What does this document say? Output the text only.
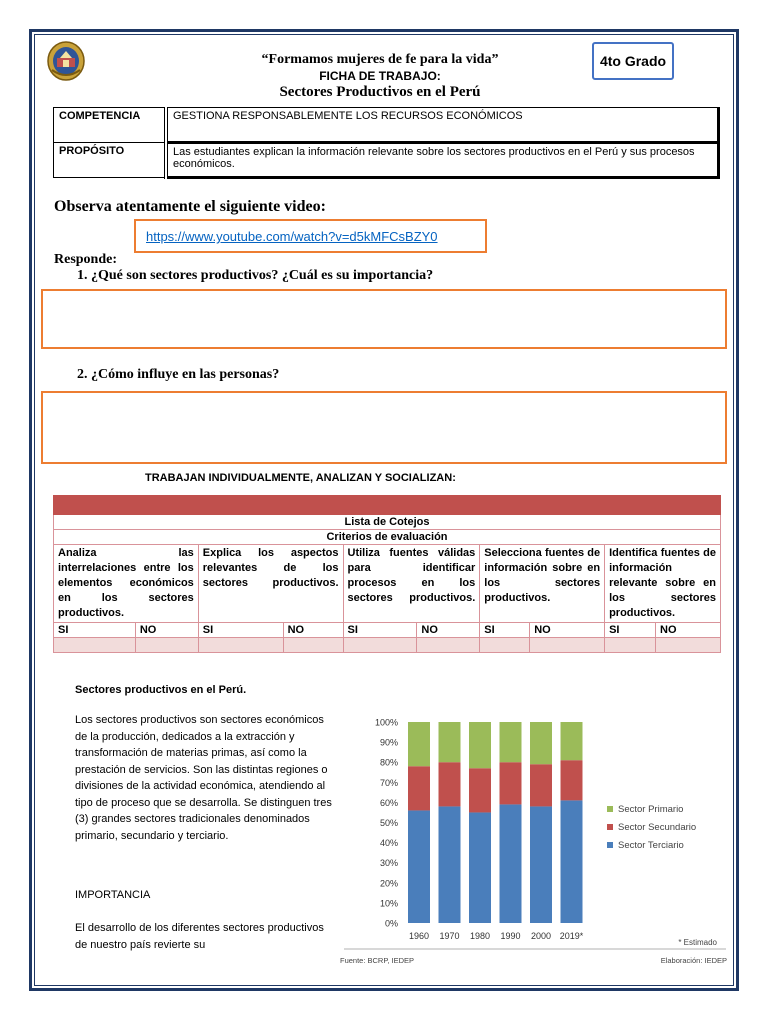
“Formamos mujeres de fe para la vida”
FICHA DE TRABAJO:
Sectores Productivos en el Perú
4to Grado
COMPETENCIA	GESTIONA RESPONSABLEMENTE LOS RECURSOS ECONÓMICOS
PROPÓSITO	Las estudiantes explican la información relevante sobre los sectores productivos en el Perú y sus procesos económicos.
Observa atentamente el siguiente video:
https://www.youtube.com/watch?v=d5kMFCsBZY0
Responde:
1. ¿Qué son sectores productivos? ¿Cuál es su importancia?
2. ¿Cómo influye en las personas?
TRABAJAN INDIVIDUALMENTE, ANALIZAN Y SOCIALIZAN:

Lista de Cotejos									
Criterios de evaluación									
Analiza las interrelaciones entre los elementos económicos en los sectores productivos.		Explica los aspectos relevantes de los sectores productivos.		Utiliza fuentes válidas para identificar procesos en los sectores productivos.		Selecciona fuentes de información sobre en los sectores productivos.		Identifica fuentes de información relevante sobre en los sectores productivos.	
SI	NO	SI	NO	SI	NO	SI	NO	SI	NO

Sectores productivos en el Perú.
Los sectores productivos son sectores económicos de la producción, dedicados a la extracción y transformación de materias primas, así como la prestación de servicios. Son las distintas regiones o divisiones de la actividad económica, atendiendo al tipo de proceso que se desarrolla. Se distinguen tres (3) grandes sectores tradicionales denominados primario, secundario y terciario.
IMPORTANCIA
El desarrollo de los diferentes sectores productivos de nuestro país revierte su
0%
10%
20%
30%
40%
50%
60%
70%
80%
90%
100%
1960 1970 1980 1990 2000 2019*
Sector Primario
Sector Secundario
Sector Terciario
* Estimado
Fuente: BCRP, IEDEP	Elaboración: IEDEP
